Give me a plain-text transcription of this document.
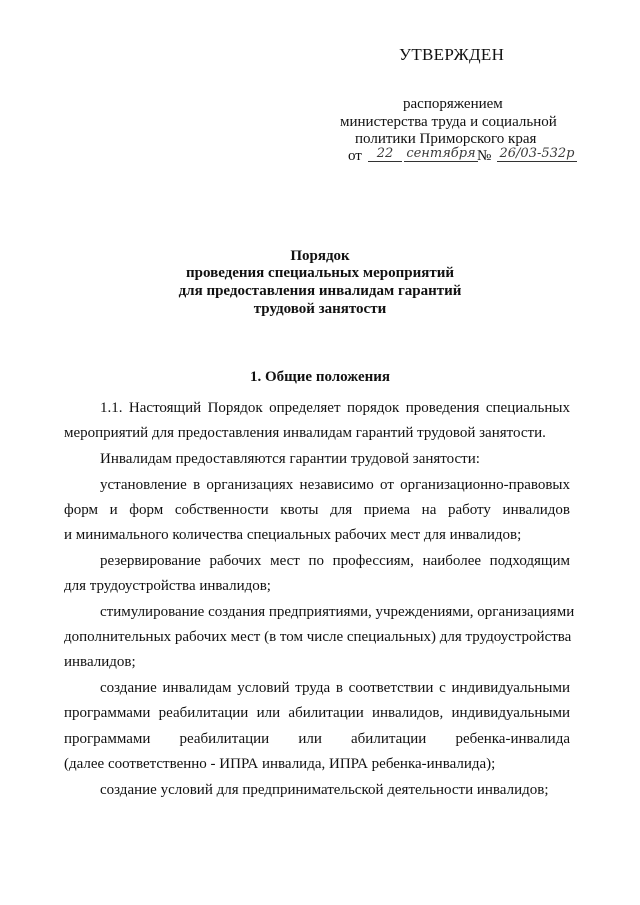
УТВЕРЖДЕН
распоряжением
министерства труда и социальной
политики Приморского края
от	22	сентября № 26/03-532р
Порядок
проведения специальных мероприятий
для предоставления инвалидам гарантий
трудовой занятости
1. Общие положения
1.1. Настоящий Порядок определяет порядок проведения специальных
мероприятий для предоставления инвалидам гарантий трудовой занятости.
Инвалидам предоставляются гарантии трудовой занятости:
установление в организациях независимо от организационно-правовых
форм и форм собственности квоты для приема на работу инвалидов
и минимального количества специальных рабочих мест для инвалидов;
резервирование рабочих мест по профессиям, наиболее подходящим
для трудоустройства инвалидов;
стимулирование создания предприятиями, учреждениями, организациями
дополнительных рабочих мест (в том числе специальных) для трудоустройства
инвалидов;
создание инвалидам условий труда в соответствии с индивидуальными
программами реабилитации или абилитации инвалидов, индивидуальными
программами реабилитации или абилитации ребенка-инвалида
(далее соответственно - ИПРА инвалида, ИПРА ребенка-инвалида);
создание условий для предпринимательской деятельности инвалидов;
